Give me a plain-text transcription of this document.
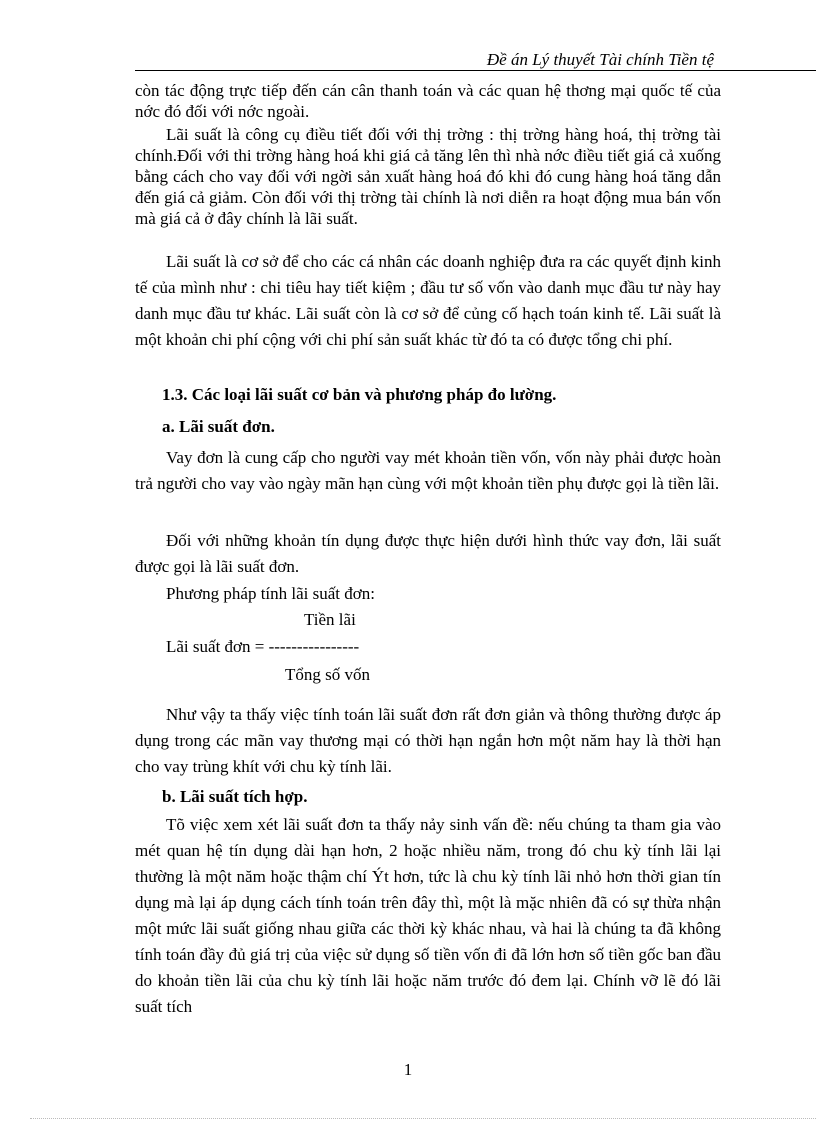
Đề án Lý thuyết Tài chính Tiền tệ

còn tác động trực tiếp đến cán cân thanh toán và các quan hệ thơng mại quốc tế của nớc đó đối với nớc ngoài.

Lãi suất là công cụ điều tiết đối với thị trờng : thị trờng hàng hoá, thị trờng tài chính.Đối với thi trờng hàng hoá khi giá cả tăng lên thì nhà nớc điều tiết giá cả xuống bằng cách cho vay đối với ngời sản xuất hàng hoá đó khi đó cung hàng hoá tăng dẫn đến giá cả giảm. Còn đối với thị trờng tài chính là nơi diễn ra hoạt động mua bán vốn mà giá cả ở đây chính là lãi suất.

Lãi suất là cơ sở để cho các cá nhân các doanh nghiệp đưa ra các quyết định kinh tế của mình như : chi tiêu hay tiết kiệm ; đầu tư số vốn vào danh mục đầu tư này hay danh mục đầu tư khác. Lãi suất còn là cơ sở để củng cố hạch toán kinh tế. Lãi suất là một khoản chi phí cộng với chi phí sản suất khác từ đó ta có được tổng chi phí.

1.3. Các loại lãi suất cơ bản và phương pháp đo lường.

a. Lãi suất đơn.

Vay đơn là cung cấp cho người vay mét khoản tiền vốn, vốn này phải được hoàn trả người cho vay vào ngày mãn hạn cùng với một khoản tiền phụ được gọi là tiền lãi.

Đối với những khoản tín dụng được thực hiện dưới hình thức vay đơn, lãi suất được gọi là lãi suất đơn.

Phương pháp tính lãi suất đơn:

Tiền lãi
Lãi suất đơn = ----------------
Tổng số vốn

Như vậy ta thấy việc tính toán lãi suất đơn rất đơn giản và thông thường được áp dụng trong các mãn vay thương mại có thời hạn ngắn hơn một năm hay là thời hạn cho vay trùng khít với chu kỳ tính lãi.

b. Lãi suất tích hợp.

Tõ việc xem xét lãi suất đơn ta thấy nảy sinh vấn đề: nếu chúng ta tham gia vào mét quan hệ tín dụng dài hạn hơn, 2 hoặc nhiều năm, trong đó chu kỳ tính lãi lại thường là một năm hoặc thậm chí Ýt hơn, tức là chu kỳ tính lãi nhỏ hơn thời gian tín dụng mà lại áp dụng cách tính toán trên đây thì, một là mặc nhiên đã có sự thừa nhận một mức lãi suất giống nhau giữa các thời kỳ khác nhau, và hai là chúng ta đã không tính toán đầy đủ giá trị của việc sử dụng số tiền vốn đi đã lớn hơn số tiền gốc ban đầu do khoản tiền lãi của chu kỳ tính lãi hoặc năm trước đó đem lại. Chính vỡ lẽ đó lãi suất tích

1
